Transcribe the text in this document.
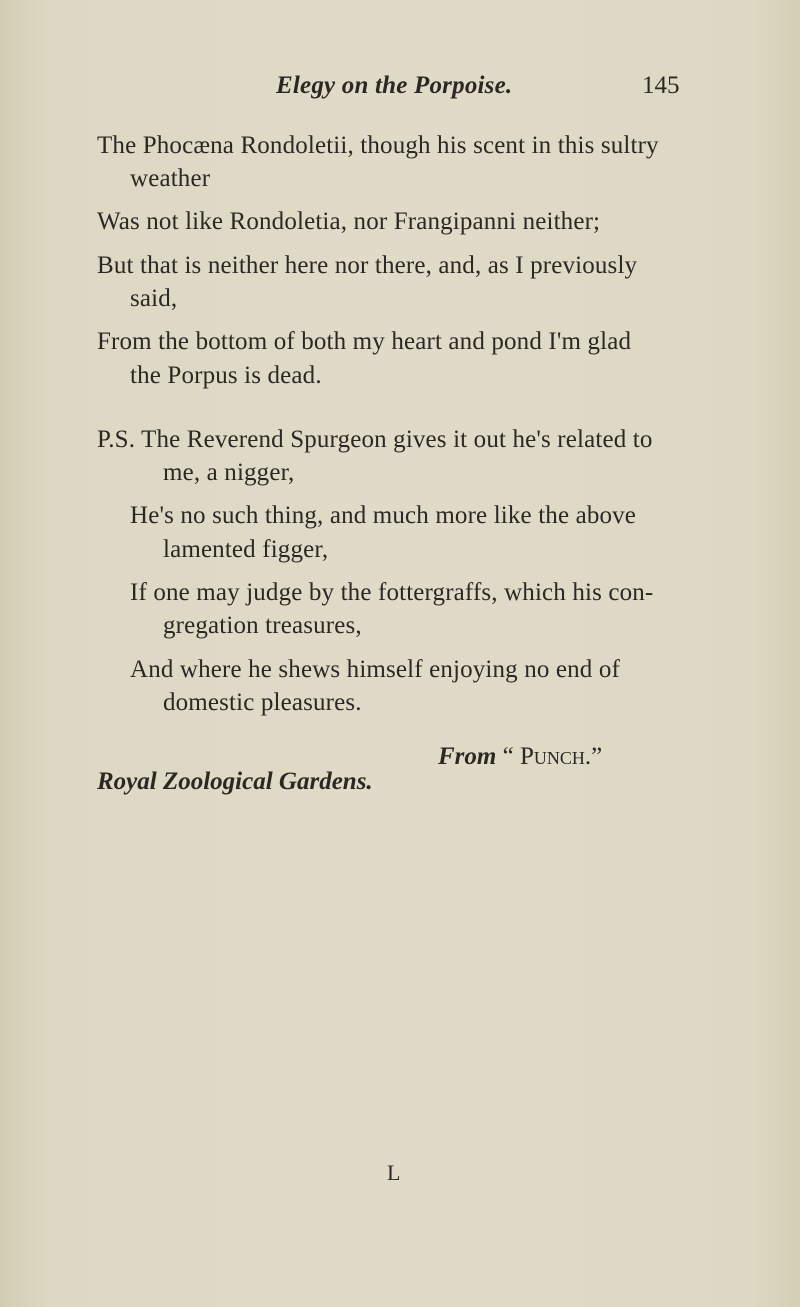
Elegy on the Porpoise.	145
The Phocæna Rondoletii, though his scent in this sultry
weather
Was not like Rondoletia, nor Frangipanni neither;
But that is neither here nor there, and, as I previously
said,
From the bottom of both my heart and pond I'm glad
the Porpus is dead.
P.S. The Reverend Spurgeon gives it out he's related to
me, a nigger,
He's no such thing, and much more like the above
lamented figger,
If one may judge by the fottergraffs, which his con-
gregation treasures,
And where he shews himself enjoying no end of
domestic pleasures.
From “ Punch.”
Royal Zoological Gardens.
L
